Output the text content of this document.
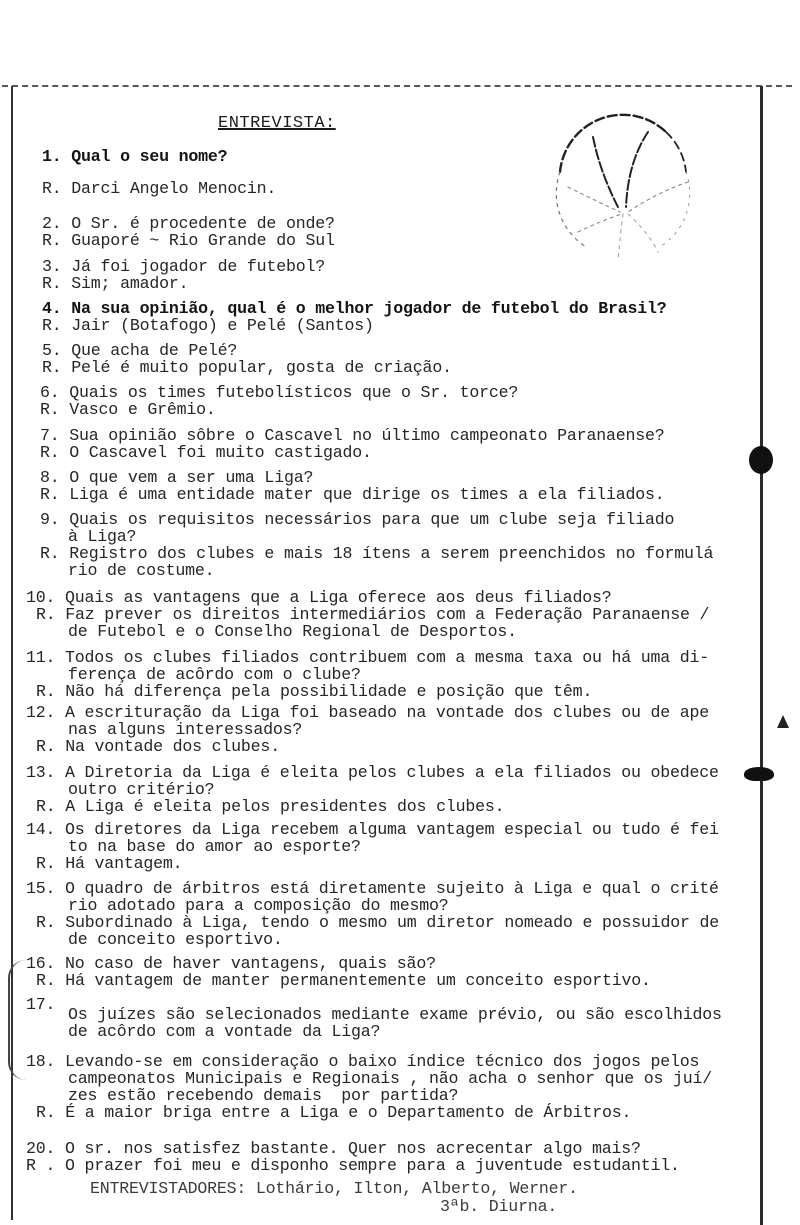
ENTREVISTA:
1. Qual o seu nome?
R. Darci Angelo Menocin.
2. O Sr. é procedente de onde?
R. Guaporé ~ Rio Grande do Sul
3. Já foi jogador de futebol?
R. Sim; amador.
4. Na sua opinião, qual é o melhor jogador de futebol do Brasil?
R. Jair (Botafogo) e Pelé (Santos)
5. Que acha de Pelé?
R. Pelé é muito popular, gosta de criação.
6. Quais os times futebolísticos que o Sr. torce?
R. Vasco e Grêmio.
7. Sua opinião sôbre o Cascavel no último campeonato Paranaense?
R. O Cascavel foi muito castigado.
8. O que vem a ser uma Liga?
R. Liga é uma entidade mater que dirige os times a ela filiados.
9. Quais os requisitos necessários para que um clube seja filiado
à Liga?
R. Registro dos clubes e mais 18 ítens a serem preenchidos no formulá
rio de costume.
10. Quais as vantagens que a Liga oferece aos deus filiados?
R. Faz prever os direitos intermediários com a Federação Paranaense /
de Futebol e o Conselho Regional de Desportos.
11. Todos os clubes filiados contribuem com a mesma taxa ou há uma di-
ferença de acôrdo com o clube?
R. Não há diferença pela possibilidade e posição que têm.
12. A escrituração da Liga foi baseado na vontade dos clubes ou de ape
nas alguns interessados?
R. Na vontade dos clubes.
13. A Diretoria da Liga é eleita pelos clubes a ela filiados ou obedece
outro critério?
R. A Liga é eleita pelos presidentes dos clubes.
14. Os diretores da Liga recebem alguma vantagem especial ou tudo é fei
to na base do amor ao esporte?
R. Há vantagem.
15. O quadro de árbitros está diretamente sujeito à Liga e qual o crité
rio adotado para a composição do mesmo?
R. Subordinado à Liga, tendo o mesmo um diretor nomeado e possuidor de
de conceito esportivo.
16. No caso de haver vantagens, quais são?
R. Há vantagem de manter permanentemente um conceito esportivo.
17.
Os juízes são selecionados mediante exame prévio, ou são escolhidos
de acôrdo com a vontade da Liga?
18. Levando-se em consideração o baixo índice técnico dos jogos pelos
campeonatos Municipais e Regionais , não acha o senhor que os juí/
zes estão recebendo demais  por partida?
R. É a maior briga entre a Liga e o Departamento de Árbitros.
20. O sr. nos satisfez bastante. Quer nos acrecentar algo mais?
R . O prazer foi meu e disponho sempre para a juventude estudantil.
ENTREVISTADORES: Lothário, Ilton, Alberto, Werner.
3ªb. Diurna.
